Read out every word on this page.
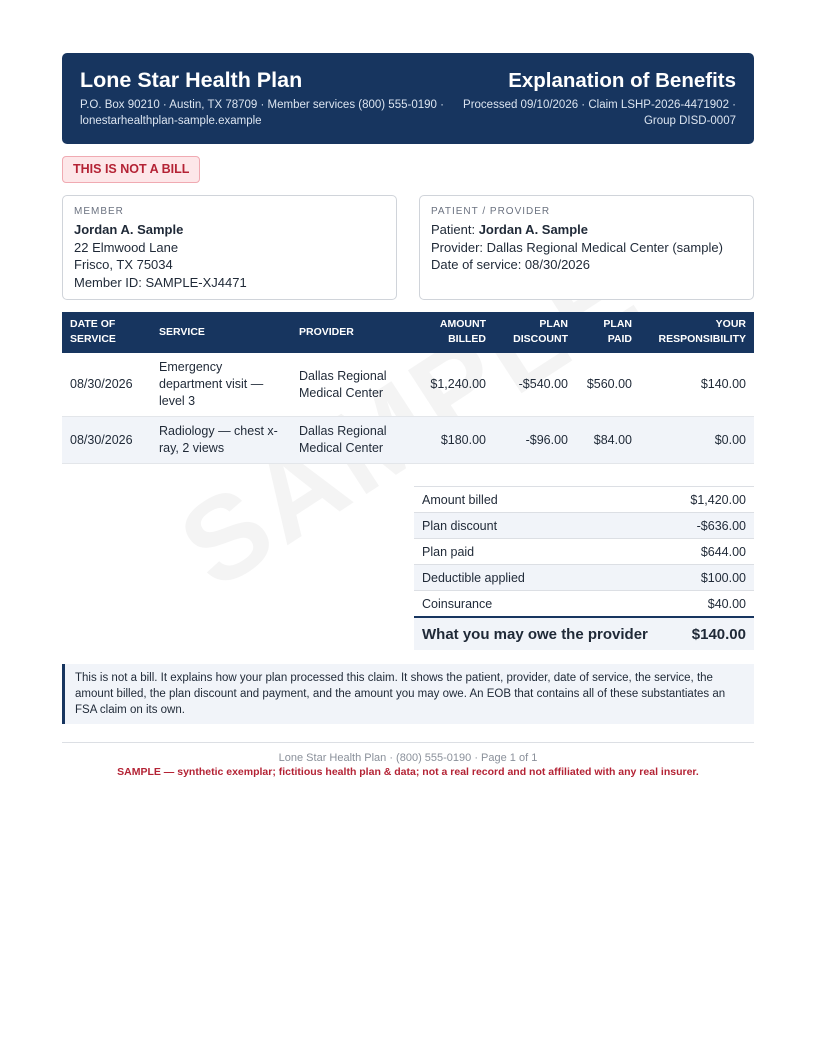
Lone Star Health Plan
P.O. Box 90210 · Austin, TX 78709 · Member services (800) 555-0190 · lonestarhealthplan-sample.example
Explanation of Benefits
Processed 09/10/2026 · Claim LSHP-2026-4471902 · Group DISD-0007
THIS IS NOT A BILL
MEMBER
Jordan A. Sample
22 Elmwood Lane
Frisco, TX 75034
Member ID: SAMPLE-XJ4471
PATIENT / PROVIDER
Patient: Jordan A. Sample
Provider: Dallas Regional Medical Center (sample)
Date of service: 08/30/2026
DATE OF SERVICE	SERVICE	PROVIDER	AMOUNT BILLED	PLAN DISCOUNT	PLAN PAID	YOUR RESPONSIBILITY
08/30/2026	Emergency department visit — level 3	Dallas Regional Medical Center	$1,240.00	-$540.00	$560.00	$140.00
08/30/2026	Radiology — chest x-ray, 2 views	Dallas Regional Medical Center	$180.00	-$96.00	$84.00	$0.00
Amount billed	$1,420.00
Plan discount	-$636.00
Plan paid	$644.00
Deductible applied	$100.00
Coinsurance	$40.00
What you may owe the provider	$140.00
This is not a bill. It explains how your plan processed this claim. It shows the patient, provider, date of service, the service, the amount billed, the plan discount and payment, and the amount you may owe. An EOB that contains all of these substantiates an FSA claim on its own.
Lone Star Health Plan · (800) 555-0190 · Page 1 of 1
SAMPLE — synthetic exemplar; fictitious health plan & data; not a real record and not affiliated with any real insurer.
